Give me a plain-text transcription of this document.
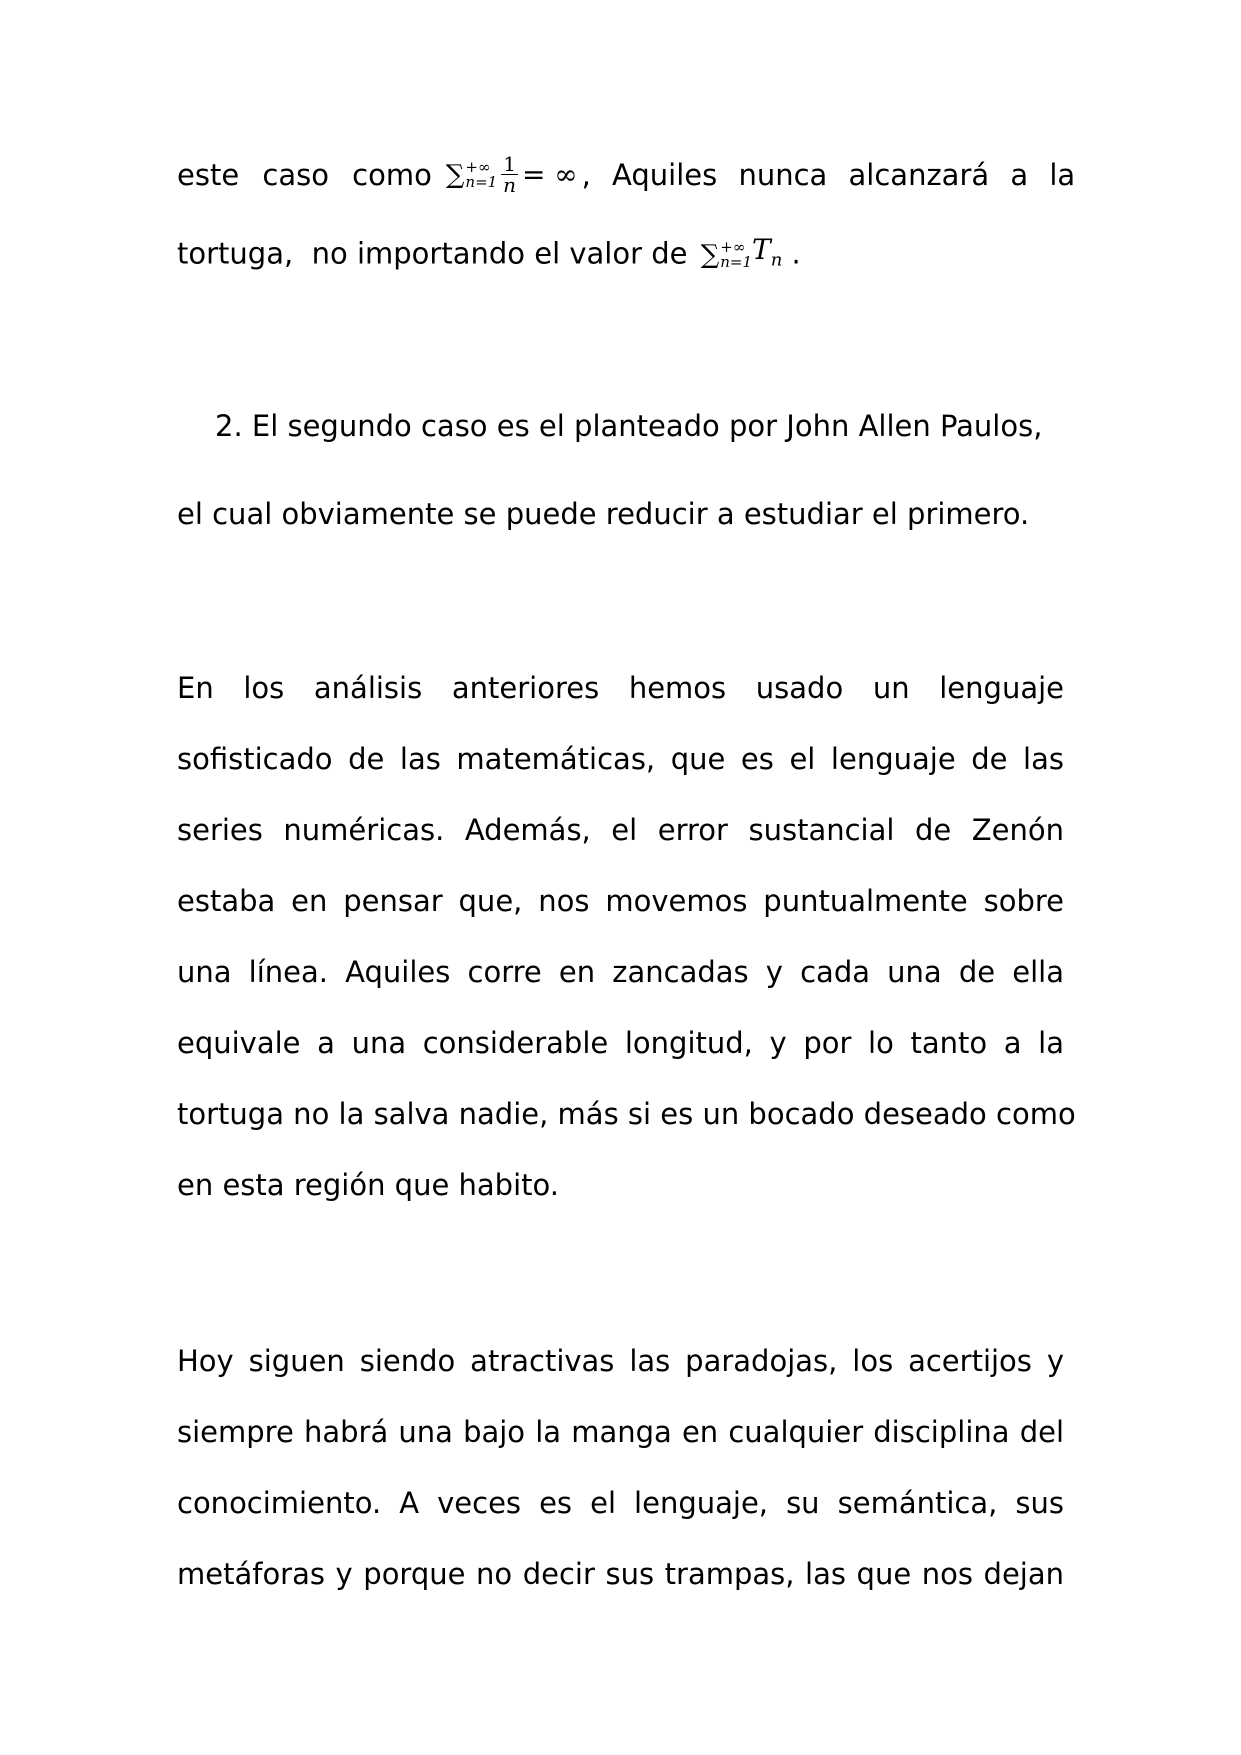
este caso como ∑ +∞
$n=1 \frac{1}{n}$ = ∞ , Aquiles nunca alcanzará a la
tortuga,  no importando el valor de ∑ +∞
n=1 $T_n$ .
2. El segundo caso es el planteado por John Allen Paulos,
el cual obviamente se puede reducir a estudiar el primero.
En los análisis anteriores hemos usado un lenguaje
sofisticado de las matemáticas, que es el lenguaje de las
series numéricas. Además, el error sustancial de Zenón
estaba en pensar que, nos movemos puntualmente sobre
una línea. Aquiles corre en zancadas y cada una de ella
equivale a una considerable longitud, y por lo tanto a la
tortuga no la salva nadie, más si es un bocado deseado como
en esta región que habito.
Hoy siguen siendo atractivas las paradojas, los acertijos y
siempre habrá una bajo la manga en cualquier disciplina del
conocimiento. A veces es el lenguaje, su semántica, sus
metáforas y porque no decir sus trampas, las que nos dejan
